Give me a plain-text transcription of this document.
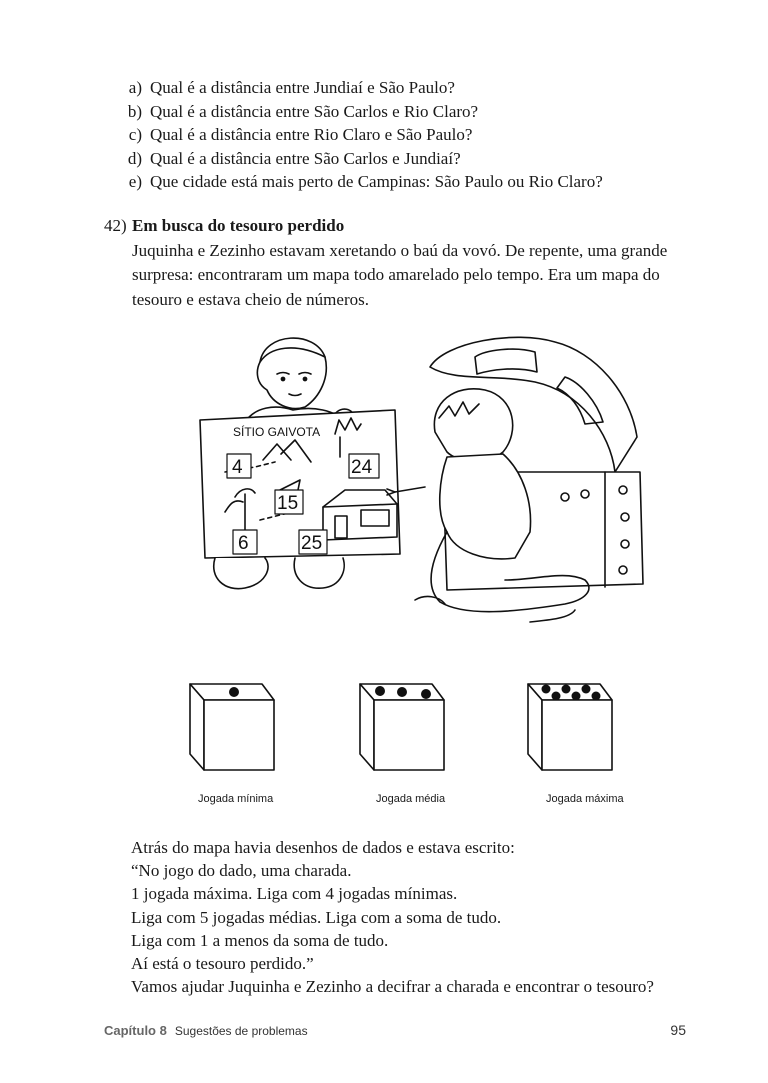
a) Qual é a distância entre Jundiaí e São Paulo?
b) Qual é a distância entre São Carlos e Rio Claro?
c) Qual é a distância entre Rio Claro e São Paulo?
d) Qual é a distância entre São Carlos e Jundiaí?
e) Que cidade está mais perto de Campinas: São Paulo ou Rio Claro?
42) Em busca do tesouro perdido
Juquinha e Zezinho estavam xeretando o baú da vovó. De repente, uma grande
surpresa: encontraram um mapa todo amarelado pelo tempo. Era um mapa do
tesouro e estava cheio de números.
SÍTIO GAIVOTA
4	24
15
6	25
Jogada mínima	Jogada média	Jogada máxima
Atrás do mapa havia desenhos de dados e estava escrito:
“No jogo do dado, uma charada.
1 jogada máxima. Liga com 4 jogadas mínimas.
Liga com 5 jogadas médias. Liga com a soma de tudo.
Liga com 1 a menos da soma de tudo.
Aí está o tesouro perdido.”
Vamos ajudar Juquinha e Zezinho a decifrar a charada e encontrar o tesouro?
Capítulo 8 Sugestões de problemas	95
